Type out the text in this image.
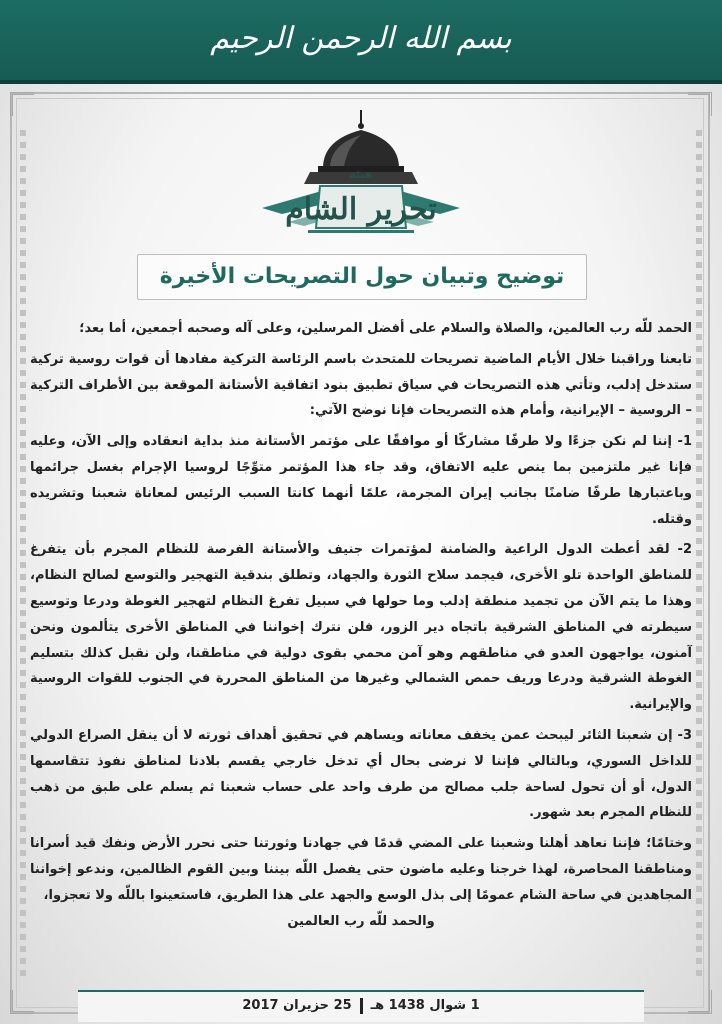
بسم الله الرحمن الرحيم
تحرير الشام
هيئة
توضيح وتبيان حول التصريحات الأخيرة

الحمد للّه رب العالمين، والصلاة والسلام على أفضل المرسلين، وعلى آله وصحبه أجمعين، أما بعد؛

تابعنا وراقبنا خلال الأيام الماضية تصريحات للمتحدث باسم الرئاسة التركية مفادها أن قوات روسية تركية ستدخل إدلب، وتأتي هذه التصريحات في سياق تطبيق بنود اتفاقية الأستانة الموقعة بين الأطراف التركية – الروسية – الإيرانية، وأمام هذه التصريحات فإنا نوضح الآتي:

1- إننا لم نكن جزءًا ولا طرفًا مشاركًا أو موافقًا على مؤتمر الأستانة منذ بداية انعقاده وإلى الآن، وعليه فإنا غير ملتزمين بما ينص عليه الاتفاق، وقد جاء هذا المؤتمر متوِّجًا لروسيا الإجرام بغسل جرائمها وباعتبارها طرفًا ضامنًا بجانب إيران المجرمة، علمًا أنهما كانتا السبب الرئيس لمعاناة شعبنا وتشريده وقتله.

2- لقد أعطت الدول الراعية والضامنة لمؤتمرات جنيف والأستانة الفرصة للنظام المجرم بأن يتفرغ للمناطق الواحدة تلو الأخرى، فيجمد سلاح الثورة والجهاد، وتطلق بندقية التهجير والتوسع لصالح النظام، وهذا ما يتم الآن من تجميد منطقة إدلب وما حولها في سبيل تفرغ النظام لتهجير الغوطة ودرعا وتوسيع سيطرته في المناطق الشرقية باتجاه دير الزور، فلن نترك إخواننا في المناطق الأخرى يتألمون ونحن آمنون، يواجهون العدو في مناطقهم وهو آمن محمي بقوى دولية في مناطقنا، ولن نقبل كذلك بتسليم الغوطة الشرقية ودرعا وريف حمص الشمالي وغيرها من المناطق المحررة في الجنوب للقوات الروسية والإيرانية.

3- إن شعبنا الثائر ليبحث عمن يخفف معاناته ويساهم في تحقيق أهداف ثورته لا أن ينقل الصراع الدولي للداخل السوري، وبالتالي فإننا لا نرضى بحال أي تدخل خارجي يقسم بلادنا لمناطق نفوذ تتقاسمها الدول، أو أن تحول لساحة جلب مصالح من طرف واحد على حساب شعبنا ثم يسلم على طبق من ذهب للنظام المجرم بعد شهور.

وختامًا؛ فإننا نعاهد أهلنا وشعبنا على المضي قدمًا في جهادنا وثورتنا حتى نحرر الأرض ونفك قيد أسرانا ومناطقنا المحاصرة، لهذا خرجنا وعليه ماضون حتى يفصل اللّه بيننا وبين القوم الظالمين، وندعو إخواننا المجاهدين في ساحة الشام عمومًا إلى بذل الوسع والجهد على هذا الطريق، فاستعينوا باللّه ولا تعجزوا،

والحمد للّه رب العالمين

1 شوال 1438 هـ25 حزيران 2017
